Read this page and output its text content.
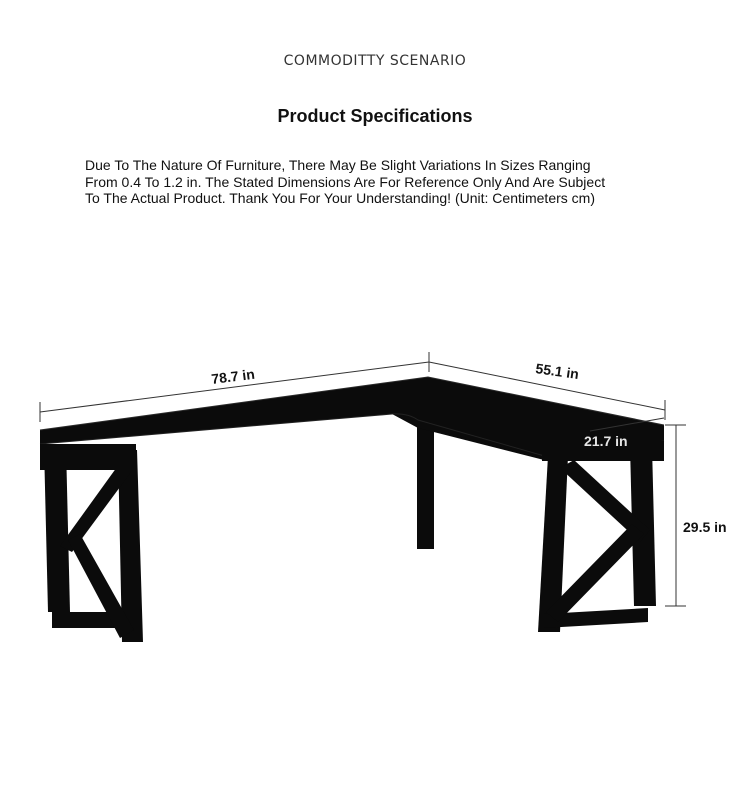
COMMODITTY SCENARIO
Product Specifications
Due To The Nature Of Furniture, There May Be Slight Variations In Sizes Ranging
From 0.4 To 1.2 in. The Stated Dimensions Are For Reference Only And Are Subject
To The Actual Product. Thank You For Your Understanding! (Unit: Centimeters cm)
78.7 in	55.1 in
21.7 in
29.5 in
